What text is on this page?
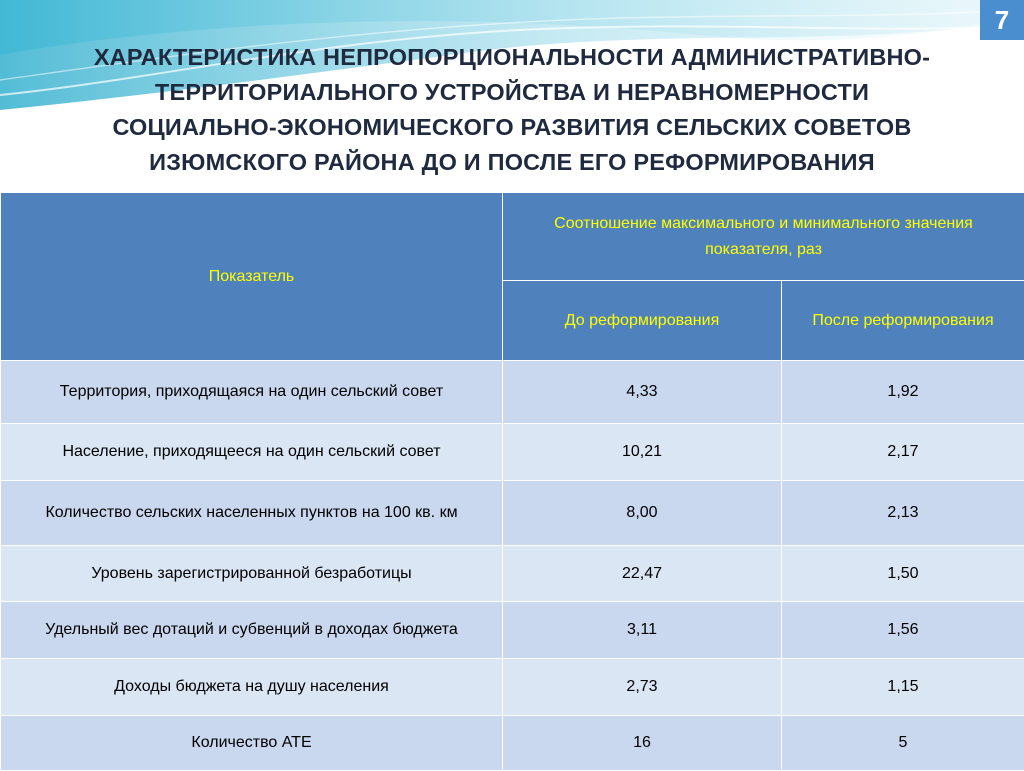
7
ХАРАКТЕРИСТИКА НЕПРОПОРЦИОНАЛЬНОСТИ АДМИНИСТРАТИВНО-
ТЕРРИТОРИАЛЬНОГО УСТРОЙСТВА И НЕРАВНОМЕРНОСТИ
СОЦИАЛЬНО-ЭКОНОМИЧЕСКОГО РАЗВИТИЯ СЕЛЬСКИХ СОВЕТОВ
ИЗЮМСКОГО РАЙОНА ДО И ПОСЛЕ ЕГО РЕФОРМИРОВАНИЯ
Показатель	Соотношение максимального и минимального значения показателя, раз	
	До реформирования	После реформирования
Территория, приходящаяся на один сельский совет	4,33	1,92
Население, приходящееся на один сельский совет	10,21	2,17
Количество сельских населенных пунктов на 100 кв. км	8,00	2,13
Уровень зарегистрированной безработицы	22,47	1,50
Удельный вес дотаций и субвенций в доходах бюджета	3,11	1,56
Доходы бюджета на душу населения	2,73	1,15
Количество АТЕ	16	5
